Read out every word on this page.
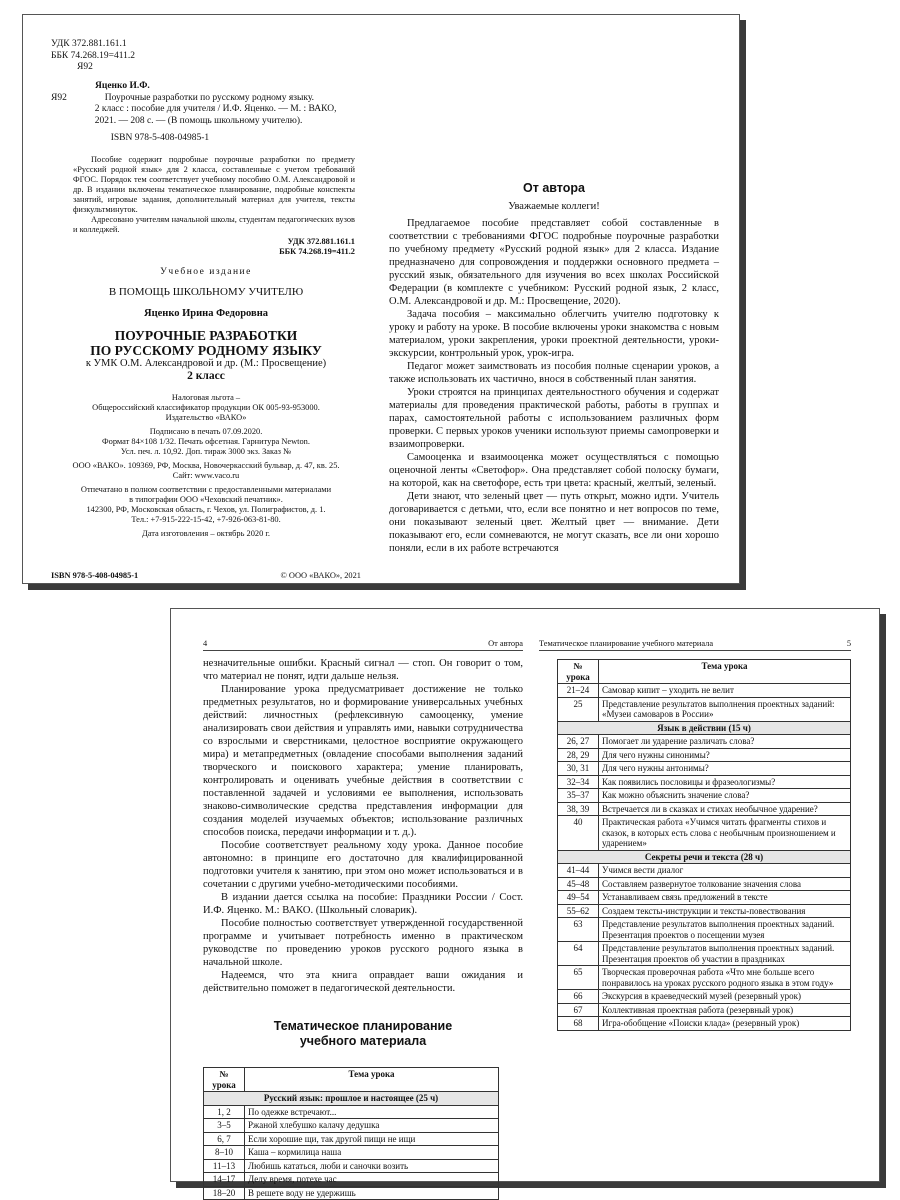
УДК 372.881.161.1
ББК 74.268.19=411.2
Я92
Яценко И.Ф.
Я92	Поурочные разработки по русскому родному языку.
2 класс : пособие для учителя / И.Ф. Яценко. — М. : ВАКО,
2021. — 208 с. — (В помощь школьному учителю).
ISBN 978-5-408-04985-1

Пособие содержит подробные поурочные разработки по предмету «Русский родной язык» для 2 класса, составленные с учетом требований ФГОС. Порядок тем соответствует учебному пособию О.М. Александровой и др. В издании включены тематическое планирование, подробные конспекты занятий, игровые задания, дополнительный материал для учителя, тексты физкультминуток.

Адресовано учителям начальной школы, студентам педагогических вузов и колледжей.

УДК 372.881.161.1
ББК 74.268.19=411.2
Учебное издание
В ПОМОЩЬ ШКОЛЬНОМУ УЧИТЕЛЮ
Яценко Ирина Федоровна
ПОУРОЧНЫЕ РАЗРАБОТКИ
ПО РУССКОМУ РОДНОМУ ЯЗЫКУ
к УМК О.М. Александровой и др. (М.: Просвещение)
2 класс
Налоговая льгота –
Общероссийский классификатор продукции ОК 005-93-953000.
Издательство «ВАКО»
Подписано в печать 07.09.2020.
Формат 84×108 1/32. Печать офсетная. Гарнитура Newton.
Усл. печ. л. 10,92. Доп. тираж 3000 экз. Заказ №
ООО «ВАКО». 109369, РФ, Москва, Новочеркасский бульвар, д. 47, кв. 25.
Сайт: www.vaco.ru
Отпечатано в полном соответствии с предоставленными материалами
в типографии ООО «Чеховский печатник».
142300, РФ, Московская область, г. Чехов, ул. Полиграфистов, д. 1.
Тел.: +7-915-222-15-42, +7-926-063-81-80.
Дата изготовления – октябрь 2020 г.
ISBN 978-5-408-04985-1	© ООО «ВАКО», 2021
От автора
Уважаемые коллеги!

Предлагаемое пособие представляет собой составленные в соответствии с требованиями ФГОС подробные поурочные разработки по учебному предмету «Русский родной язык» для 2 класса. Издание предназначено для сопровождения и поддержки основного предмета – русский язык, обязательного для изучения во всех школах Российской Федерации (в комплекте с учебником: Русский родной язык, 2 класс, О.М. Александровой и др. М.: Просвещение, 2020).

Задача пособия – максимально облегчить учителю подготовку к уроку и работу на уроке. В пособие включены уроки знакомства с новым материалом, уроки закрепления, уроки проектной деятельности, уроки-экскурсии, контрольный урок, урок-игра.

Педагог может заимствовать из пособия полные сценарии уроков, а также использовать их частично, внося в собственный план занятия.

Уроки строятся на принципах деятельностного обучения и содержат материалы для проведения практической работы, работы в группах и парах, самостоятельной работы с использованием различных форм проверки. С первых уроков ученики используют приемы самопроверки и взаимопроверки.

Самооценка и взаимооценка может осуществляться с помощью оценочной ленты «Светофор». Она представляет собой полоску бумаги, на которой, как на светофоре, есть три цвета: красный, желтый, зеленый.

Дети знают, что зеленый цвет — путь открыт, можно идти. Учитель договаривается с детьми, что, если все понятно и нет вопросов по теме, они показывают зеленый цвет. Желтый цвет — внимание. Дети показывают его, если сомневаются, не могут сказать, все ли они хорошо поняли, если в их работе встречаются

4	От автора

незначительные ошибки. Красный сигнал — стоп. Он говорит о том, что материал не понят, идти дальше нельзя.

Планирование урока предусматривает достижение не только предметных результатов, но и формирование универсальных учебных действий: личностных (рефлексивную самооценку, умение анализировать свои действия и управлять ими, навыки сотрудничества со взрослыми и сверстниками, целостное восприятие окружающего мира) и метапредметных (овладение способами выполнения заданий творческого и поискового характера; умение планировать, контролировать и оценивать учебные действия в соответствии с поставленной задачей и условиями ее выполнения, использовать знаково-символические средства представления информации для создания моделей изучаемых объектов; использование различных способов поиска, передачи информации и т. д.).

Пособие соответствует реальному ходу урока. Данное пособие автономно: в принципе его достаточно для квалифицированной подготовки учителя к занятию, при этом оно может использоваться и в сочетании с другими учебно-методическими пособиями.

В издании дается ссылка на пособие: Праздники России / Сост. И.Ф. Яценко. М.: ВАКО. (Школьный словарик).

Пособие полностью соответствует утвержденной государственной программе и учитывает потребность именно в практическом руководстве по проведению уроков русского родного языка в начальной школе.

Надеемся, что эта книга оправдает ваши ожидания и действительно поможет в педагогической деятельности.

Тематическое планирование
учебного материала
№ урока	Тема урока
Русский язык: прошлое и настоящее (25 ч)	
1, 2	По одежке встречают...
3–5	Ржаной хлебушко калачу дедушка
6, 7	Если хорошие щи, так другой пищи не ищи
8–10	Каша – кормилица наша
11–13	Любишь кататься, люби и саночки возить
14–17	Делу время, потехе час
18–20	В решете воду не удержишь
Тематическое планирование учебного материала	5
№ урока	Тема урока
21–24	Самовар кипит – уходить не велит
25	Представление результатов выполнения проектных заданий: «Музеи самоваров в России»
Язык в действии (15 ч)	
26, 27	Помогает ли ударение различать слова?
28, 29	Для чего нужны синонимы?
30, 31	Для чего нужны антонимы?
32–34	Как появились пословицы и фразеологизмы?
35–37	Как можно объяснить значение слова?
38, 39	Встречается ли в сказках и стихах необычное ударение?
40	Практическая работа «Учимся читать фрагменты стихов и сказок, в которых есть слова с необычным произношением и ударением»
Секреты речи и текста (28 ч)	
41–44	Учимся вести диалог
45–48	Составляем развернутое толкование значения слова
49–54	Устанавливаем связь предложений в тексте
55–62	Создаем тексты-инструкции и тексты-повествования
63	Представление результатов выполнения проектных заданий. Презентация проектов о посещении музея
64	Представление результатов выполнения проектных заданий. Презентация проектов об участии в праздниках
65	Творческая проверочная работа «Что мне больше всего понравилось на уроках русского родного языка в этом году»
66	Экскурсия в краеведческий музей (резервный урок)
67	Коллективная проектная работа (резервный урок)
68	Игра-обобщение «Поиски клада» (резервный урок)
